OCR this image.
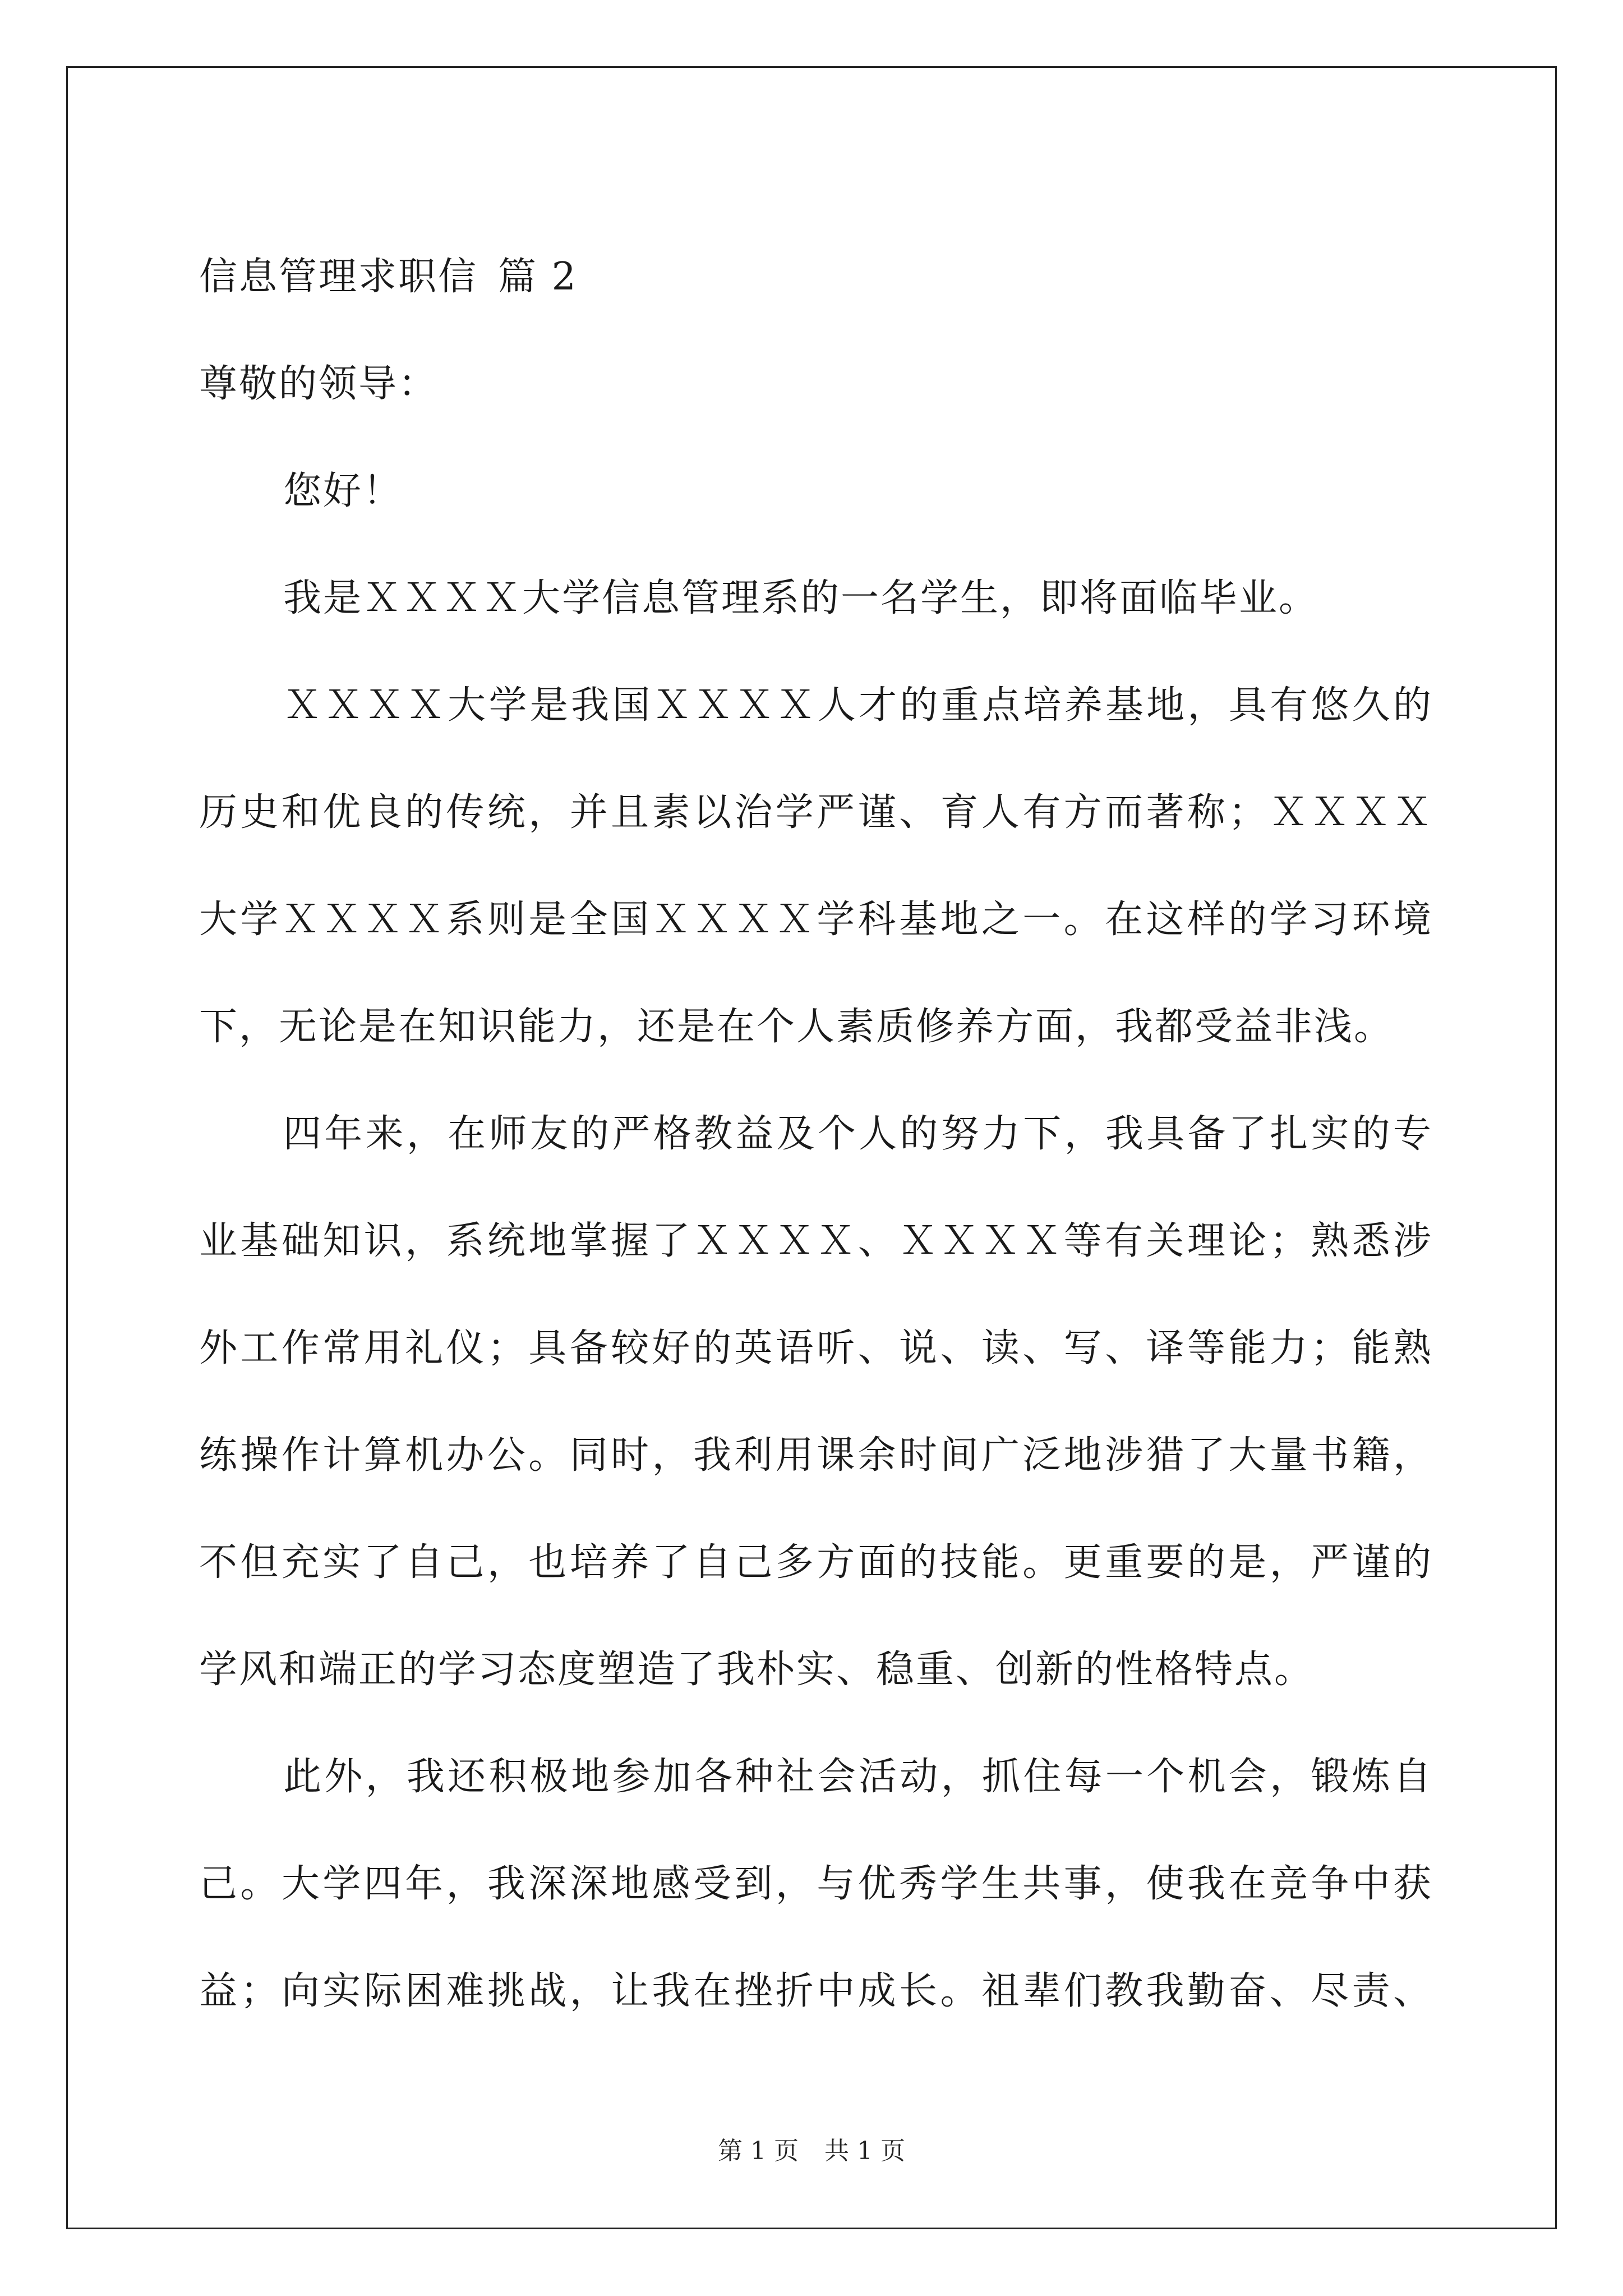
信息管理求职信 篇 2
尊敬的领导：
您好！
我是ＸＸＸＸ大学信息管理系的一名学生，即将面临毕业。
ＸＸＸＸ大学是我国ＸＸＸＸ人才的重点培养基地，具有悠久的
历史和优良的传统，并且素以治学严谨、育人有方而著称；ＸＸＸＸ
大学ＸＸＸＸ系则是全国ＸＸＸＸ学科基地之一。在这样的学习环境
下，无论是在知识能力，还是在个人素质修养方面，我都受益非浅。
四年来，在师友的严格教益及个人的努力下，我具备了扎实的专
业基础知识，系统地掌握了ＸＸＸＸ、ＸＸＸＸ等有关理论；熟悉涉
外工作常用礼仪；具备较好的英语听、说、读、写、译等能力；能熟
练操作计算机办公。同时，我利用课余时间广泛地涉猎了大量书籍，
不但充实了自己，也培养了自己多方面的技能。更重要的是，严谨的
学风和端正的学习态度塑造了我朴实、稳重、创新的性格特点。
此外，我还积极地参加各种社会活动，抓住每一个机会，锻炼自
己。大学四年，我深深地感受到，与优秀学生共事，使我在竞争中获
益；向实际困难挑战，让我在挫折中成长。祖辈们教我勤奋、尽责、
第 1 页 共 1 页
